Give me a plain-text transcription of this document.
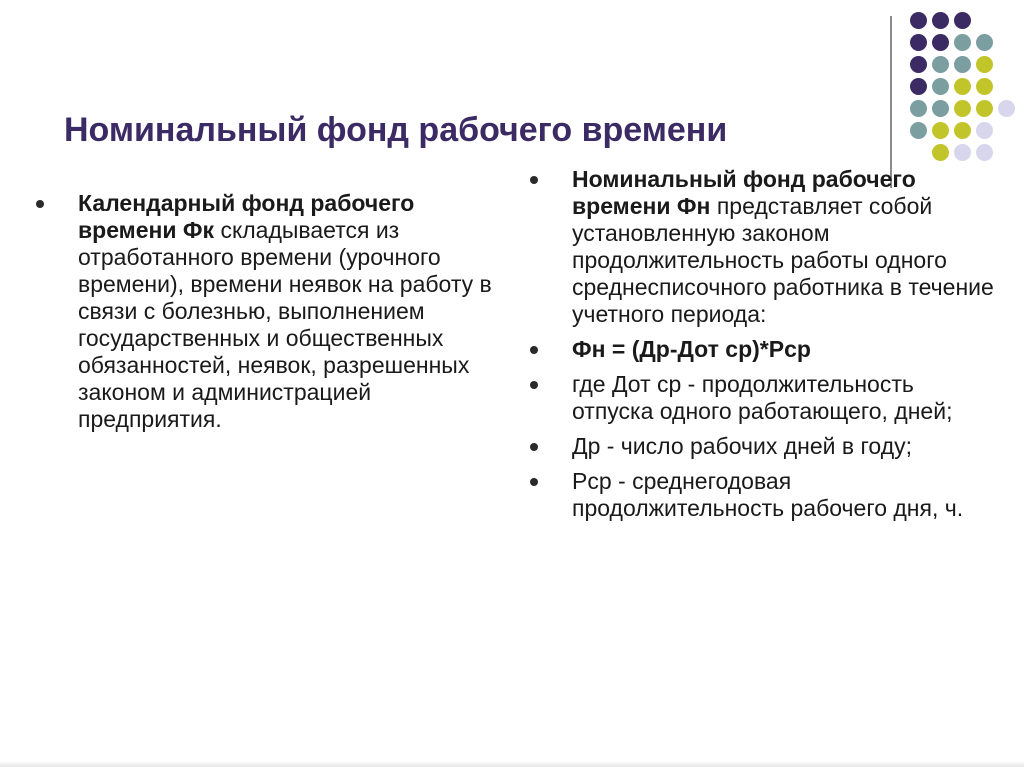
Номинальный фонд рабочего времени
Календарный фонд рабочего времени Фк складывается из отработанного времени (урочного времени), времени неявок на работу в связи с болезнью, выполнением государственных и общественных обязанностей, неявок, разрешенных законом и администрацией предприятия.
Номинальный фонд рабочего времени Фн представляет собой установленную законом продолжительность работы одного среднесписочного работника в течение учетного периода:
Фн = (Др-Дот ср)*Рср
где Дот ср - продолжительность отпуска одного работающего, дней;
Др - число рабочих дней в году;
Рср - среднегодовая продолжительность рабочего дня, ч.
